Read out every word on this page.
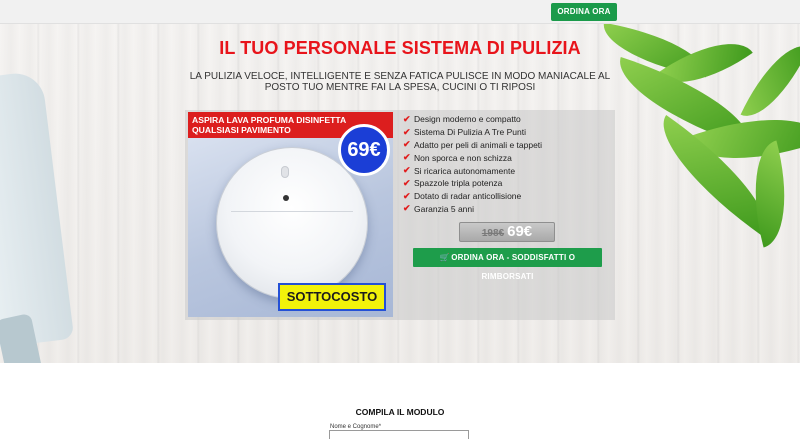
ORDINA ORA
IL TUO PERSONALE SISTEMA DI PULIZIA

LA PULIZIA VELOCE, INTELLIGENTE E SENZA FATICA PULISCE IN MODO MANIACALE AL POSTO TUO MENTRE FAI LA SPESA, CUCINI O TI RIPOSI

ASPIRA LAVA PROFUMA DISINFETTA QUALSIASI PAVIMENTO
69€
SOTTOCOSTO
✔ Design moderno e compatto
✔ Sistema Di Pulizia A Tre Punti
✔ Adatto per peli di animali e tappeti
✔ Non sporca e non schizza
✔ Si ricarica autonomamente
✔ Spazzole tripla potenza
✔ Dotato di radar anticollisione
✔ Garanzia 5 anni
198€ 69€
🛒 ORDINA ORA - SODDISFATTI O RIMBORSATI
COMPILA IL MODULO
Nome e Cognome*
